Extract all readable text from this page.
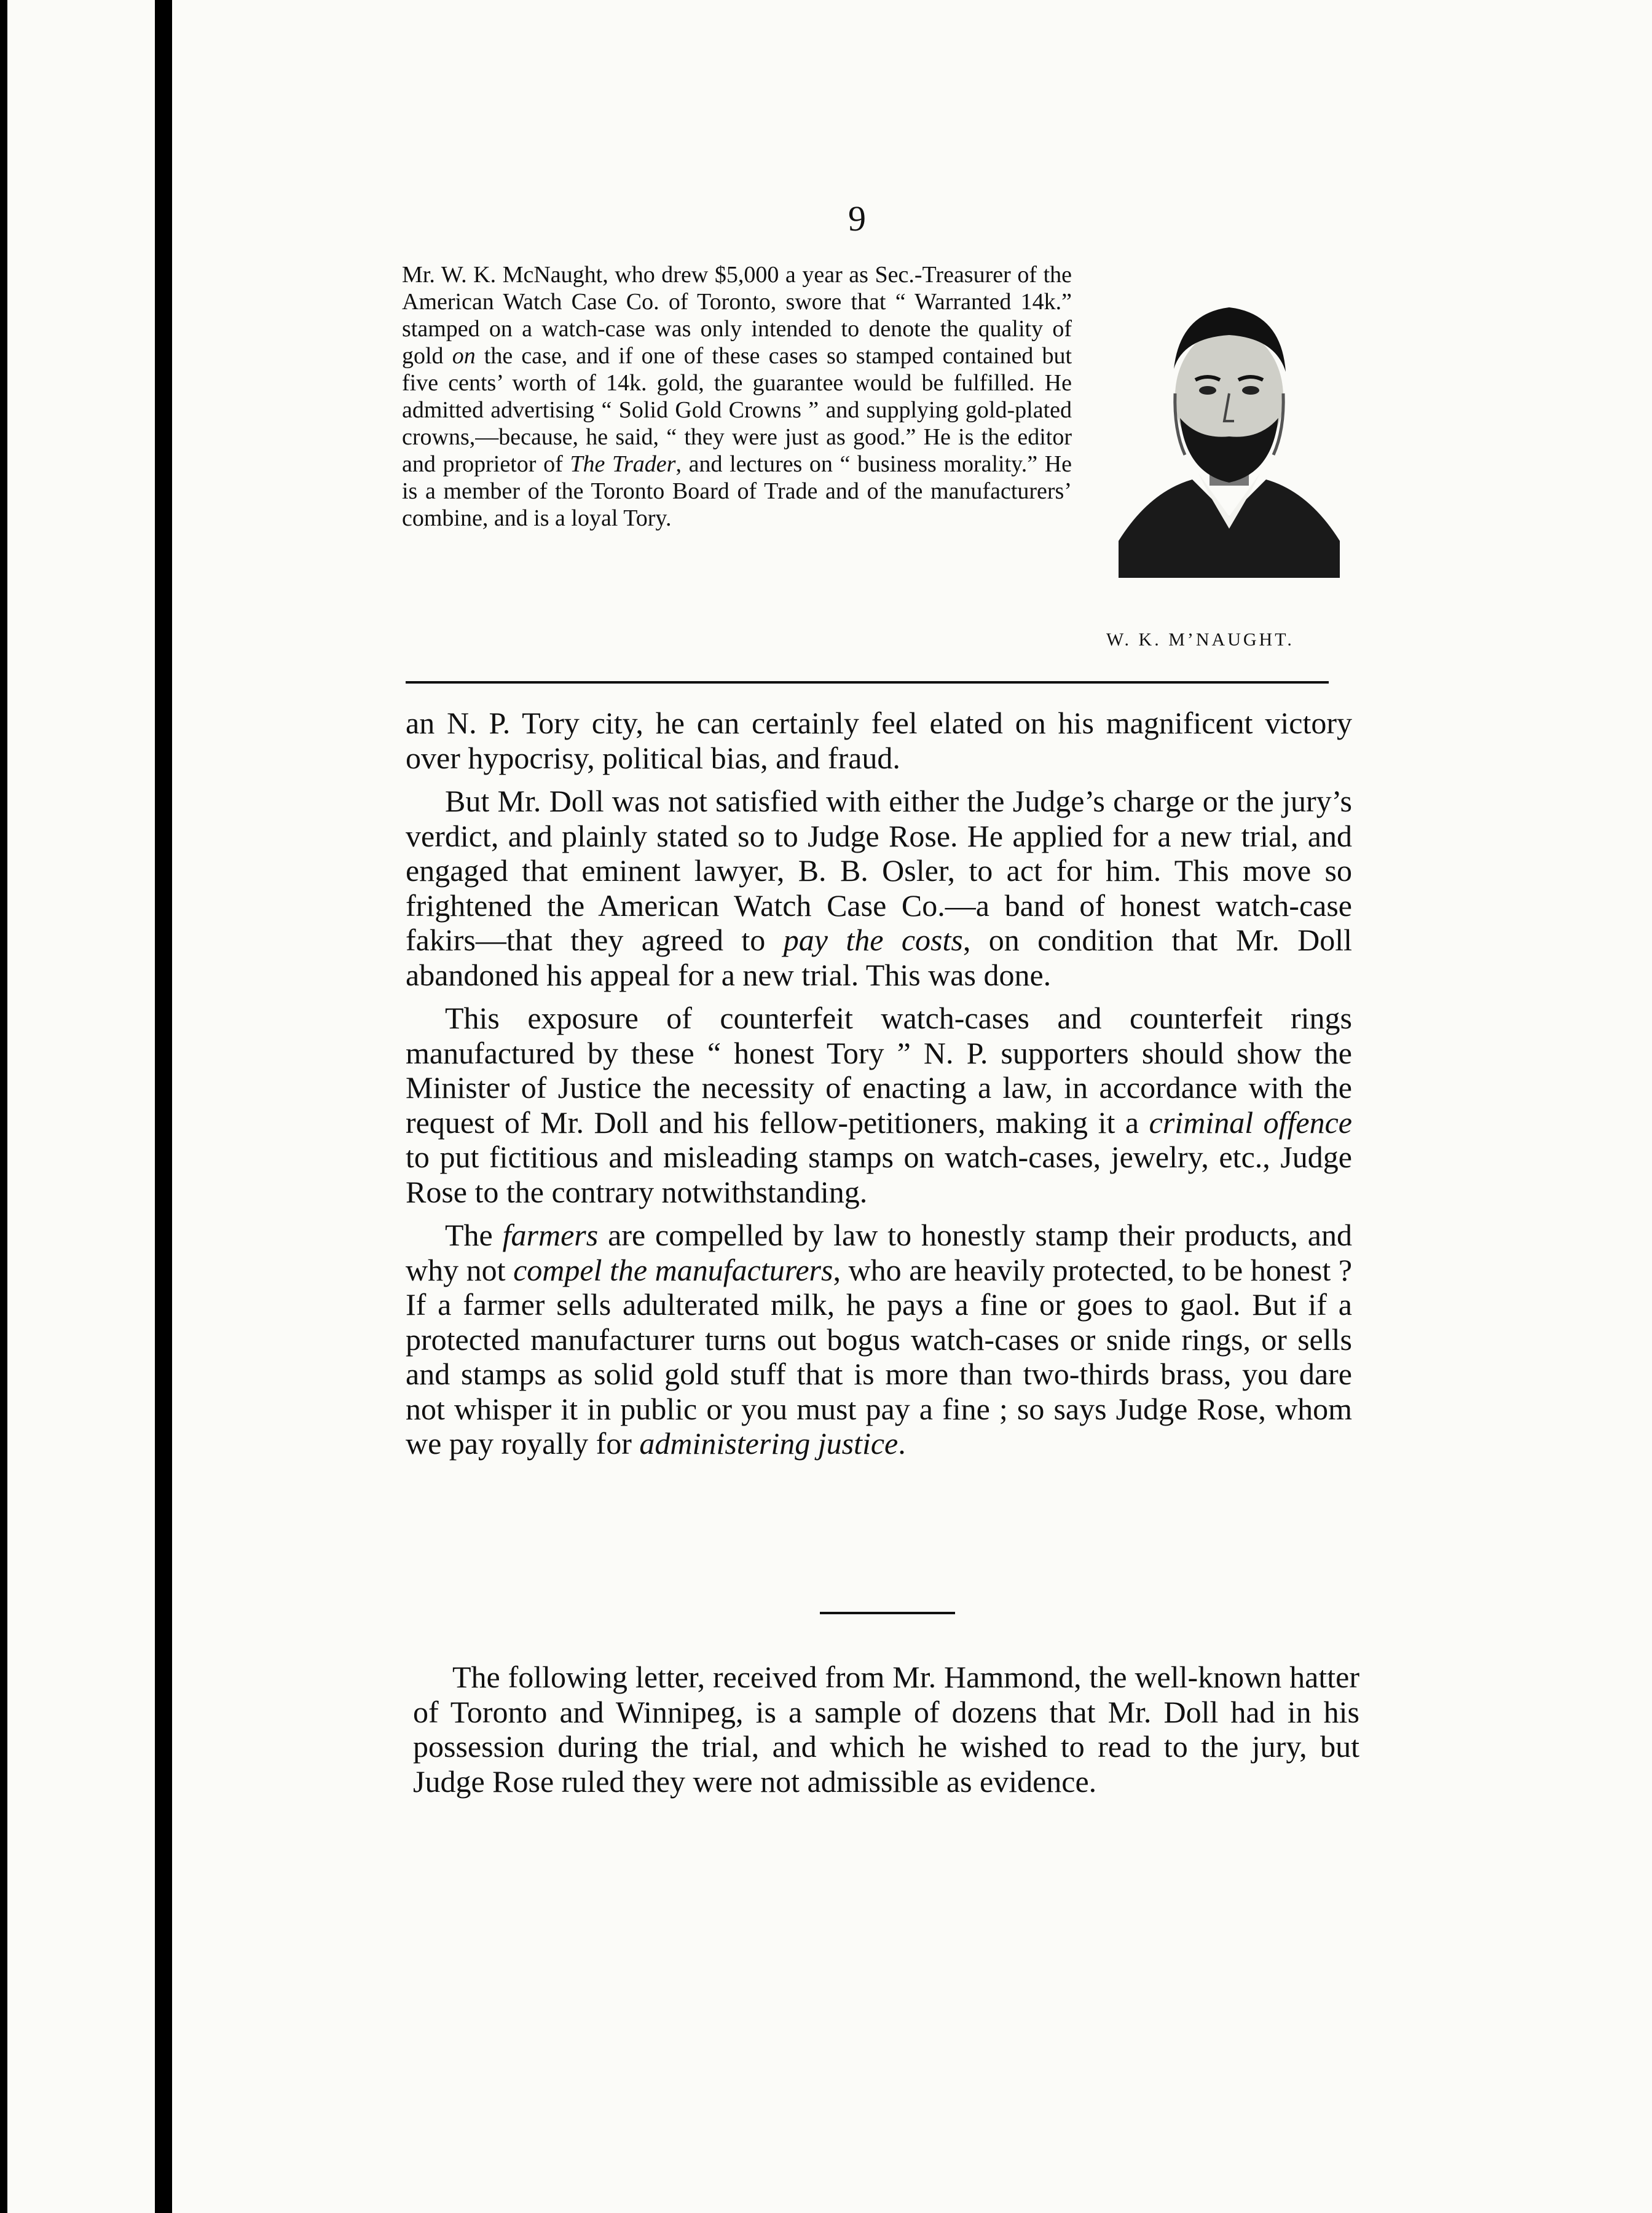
9
Mr. W. K. McNaught, who drew $5,000 a year as Sec.-Treasurer of the American Watch Case Co. of Toronto, swore that “ Warranted 14k.” stamped on a watch-case was only intended to denote the quality of gold on the case, and if one of these cases so stamped contained but five cents’ worth of 14k. gold, the guarantee would be fulfilled. He admitted advertising “ Solid Gold Crowns ” and supplying gold-plated crowns,—because, he said, “ they were just as good.” He is the editor and proprietor of The Trader, and lectures on “ business morality.” He is a member of the Toronto Board of Trade and of the manufacturers’ combine, and is a loyal Tory.
W. K. M’NAUGHT.

an N. P. Tory city, he can certainly feel elated on his magnificent victory over hypocrisy, political bias, and fraud.

But Mr. Doll was not satisfied with either the Judge’s charge or the jury’s verdict, and plainly stated so to Judge Rose. He applied for a new trial, and engaged that eminent lawyer, B. B. Osler, to act for him. This move so frightened the American Watch Case Co.—a band of honest watch-case fakirs—that they agreed to pay the costs, on condition that Mr. Doll abandoned his appeal for a new trial. This was done.

This exposure of counterfeit watch-cases and counterfeit rings manufactured by these “ honest Tory ” N. P. supporters should show the Minister of Justice the necessity of enacting a law, in accordance with the request of Mr. Doll and his fellow-petitioners, making it a criminal offence to put fictitious and misleading stamps on watch-cases, jewelry, etc., Judge Rose to the contrary notwithstanding.

The farmers are compelled by law to honestly stamp their products, and why not compel the manufacturers, who are heavily protected, to be honest ? If a farmer sells adulterated milk, he pays a fine or goes to gaol. But if a protected manufacturer turns out bogus watch-cases or snide rings, or sells and stamps as solid gold stuff that is more than two-thirds brass, you dare not whisper it in public or you must pay a fine ; so says Judge Rose, whom we pay royally for administering justice.

The following letter, received from Mr. Hammond, the well-known hatter of Toronto and Winnipeg, is a sample of dozens that Mr. Doll had in his possession during the trial, and which he wished to read to the jury, but Judge Rose ruled they were not admissible as evidence.
